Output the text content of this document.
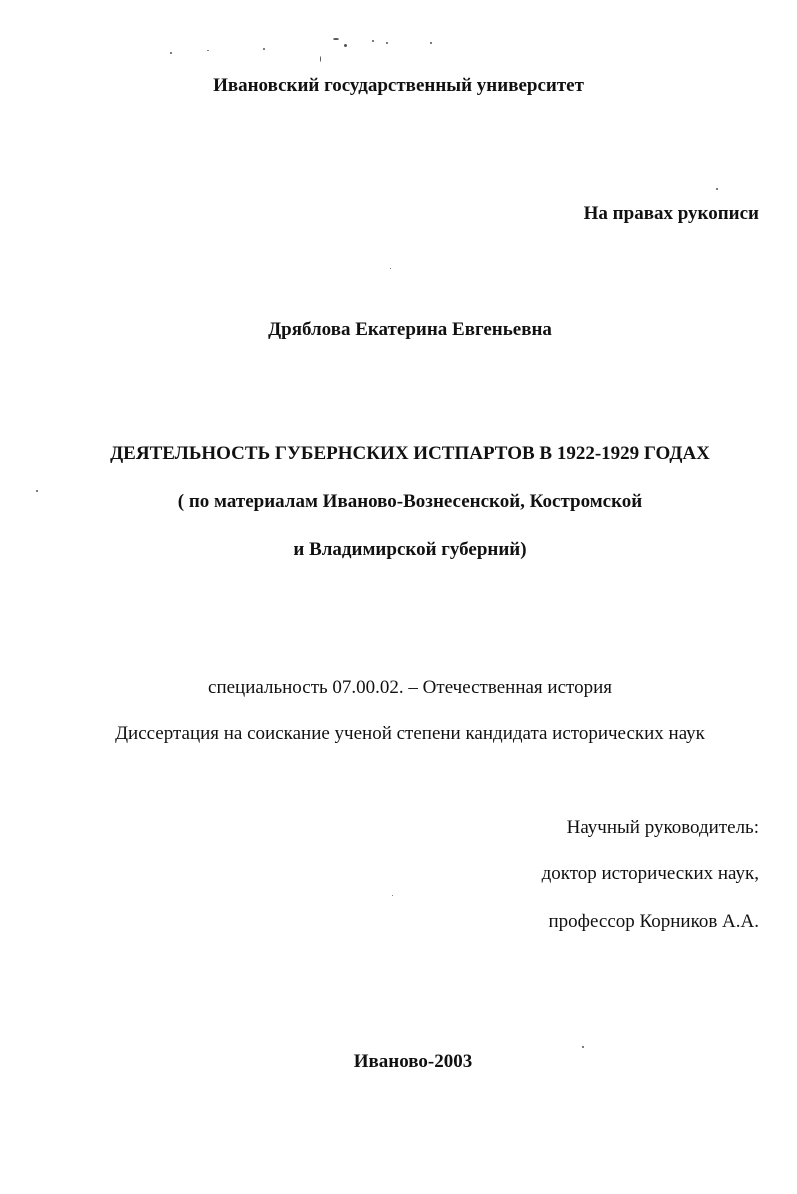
Ивановский государственный университет
На правах рукописи
Дряблова Екатерина Евгеньевна
ДЕЯТЕЛЬНОСТЬ ГУБЕРНСКИХ ИСТПАРТОВ В 1922-1929 ГОДАХ
( по материалам Иваново-Вознесенской, Костромской
и Владимирской губерний)
специальность 07.00.02. – Отечественная история
Диссертация на соискание ученой степени кандидата исторических наук
Научный руководитель:
доктор исторических наук,
профессор Корников А.А.
Иваново-2003
